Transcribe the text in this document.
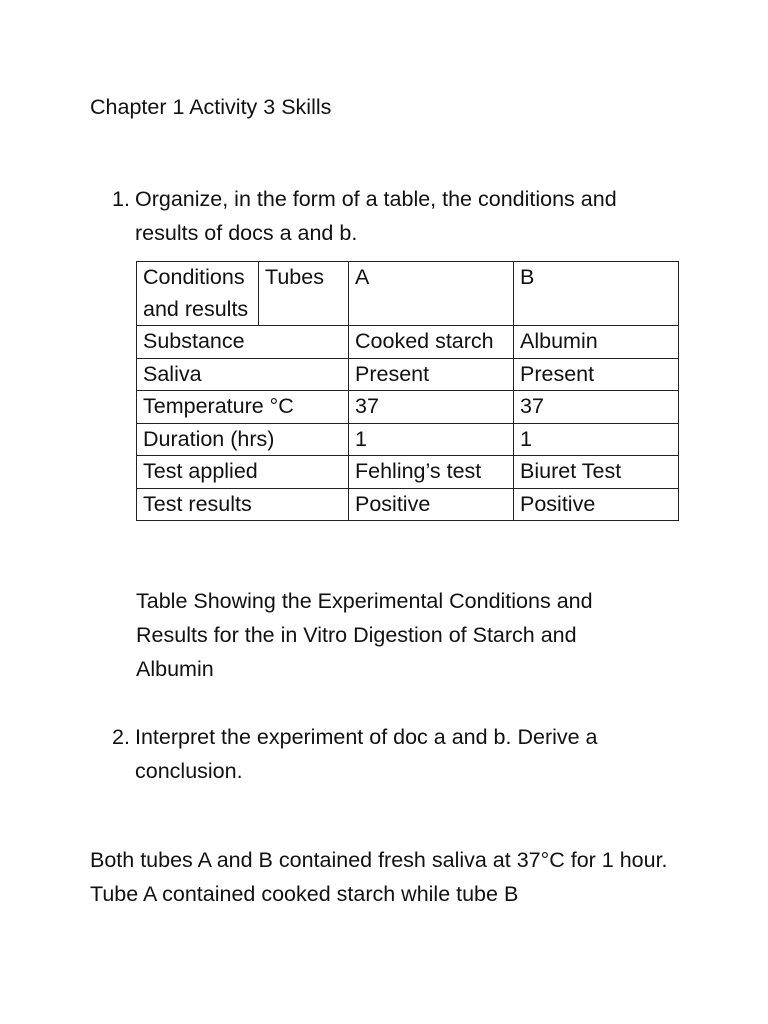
Chapter 1 Activity 3 Skills
1. Organize, in the form of a table, the conditions and results of docs a and b.
Conditions and results	Tubes	A	B
Substance		Cooked starch	Albumin
Saliva		Present	Present
Temperature °C		37	37
Duration (hrs)		1	1
Test applied		Fehling’s test	Biuret Test
Test results		Positive	Positive
Table Showing the Experimental Conditions and Results for the in Vitro Digestion of Starch and Albumin
2. Interpret the experiment of doc a and b. Derive a conclusion.
Both tubes A and B contained fresh saliva at 37°C for 1 hour. Tube A contained cooked starch while tube B
